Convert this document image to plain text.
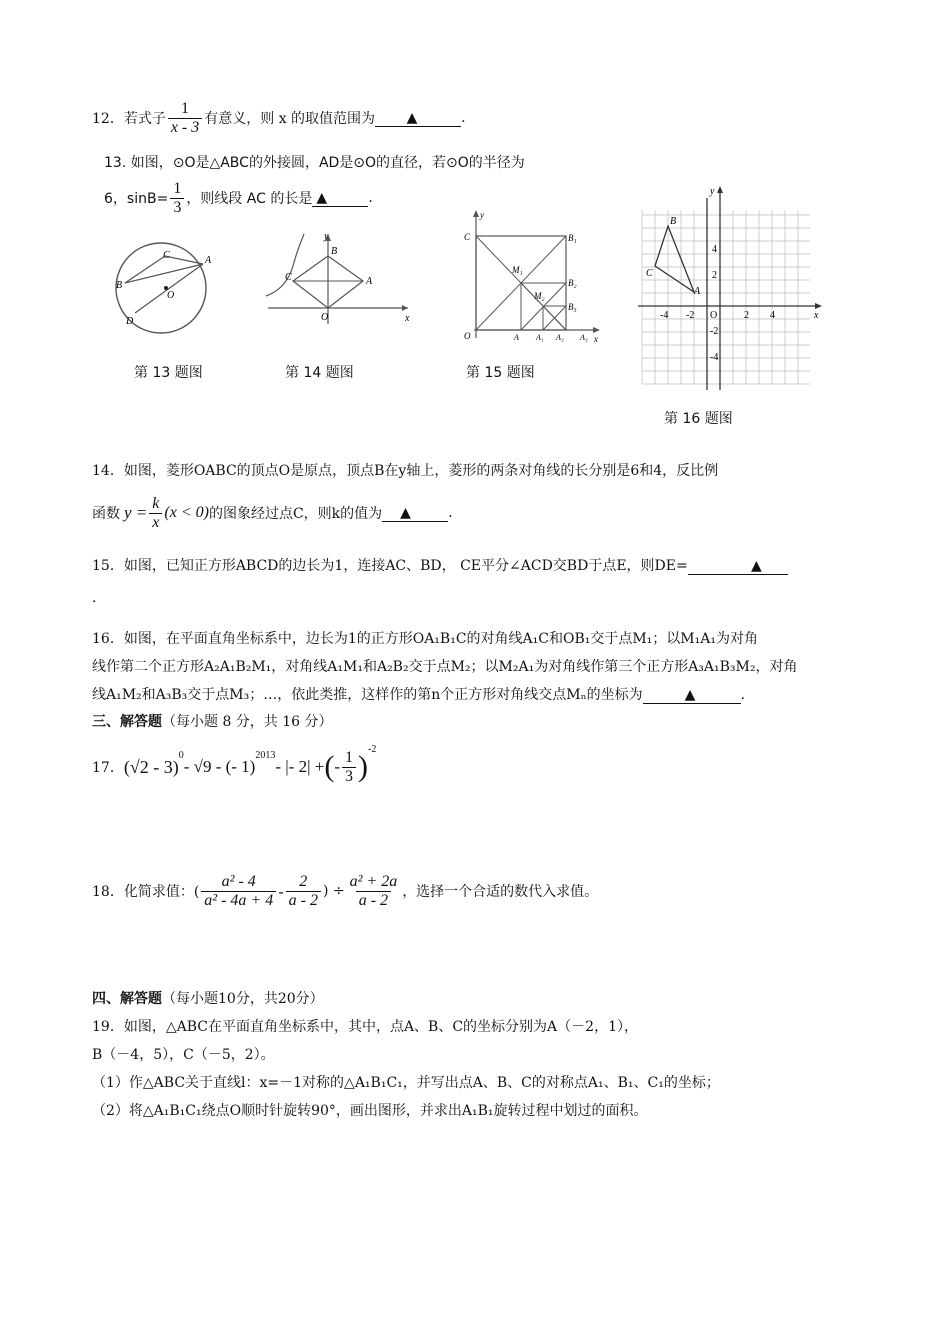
12．若式子 $\frac{1}{x - 3}$ 有意义，则 x 的取值范围为	▲	.
13. 如图，⊙O是△ABC的外接圆，AD是⊙O的直径，若⊙O的半径为
6，$\sin B= \frac{1}{3}$ ，则线段 AC 的长是 ▲	.
C	A
B
O
D
第 13 题图
y
x
B
C	A
O
第 14 题图
y
x
C
O
B₁
B₂
B₃
M₁
M₂
A A₁ A₂ A₃
第 15 题图
x
y
B
C
A
O
-4 -2	2 4
4
2
-2
-4
第 16 题图
14．如图，菱形OABC的顶点O是原点，顶点B在y轴上，菱形的两条对角线的长分别是6和4，反比例
函数 $y = \frac{k}{x} (x < 0)$ 的图象经过点C，则k的值为	▲	.
15．如图，已知正方形ABCD的边长为1，连接AC、BD， CE平分∠ACD交BD于点E，则DE=	▲
.
16．如图，在平面直角坐标系中，边长为1的正方形OA₁B₁C的对角线A₁C和OB₁交于点M₁；以M₁A₁为对角
线作第二个正方形A₂A₁B₂M₁，对角线A₁M₁和A₂B₂交于点M₂；以M₂A₁为对角线作第三个正方形A₃A₁B₃M₂，对角
线A₁M₂和A₃B₃交于点M₃；…，依此类推，这样作的第n个正方形对角线交点Mₙ的坐标为	▲	.
三、解答题（每小题 8 分，共 16 分）
17． (√2 - 3)
$^0$
- √9 - (- 1)
$^{2013}$
- |- 2| + ( - $\frac{1}{3}$ )
$^{-2}$
18．化简求值：( $\frac{\text{a² - 4}}{\text{a² - 4a + 4}} - \frac{2}{a - 2}$ ) ÷ $\frac{\text{a² + 2a}}{a - 2}$ ，选择一个合适的数代入求值。
四、解答题（每小题10分，共20分）
19．如图，△ABC在平面直角坐标系中，其中，点A、B、C的坐标分别为A（－2，1），
B（－4，5），C（－5，2）。
（1）作△ABC关于直线l：x=－1对称的△A₁B₁C₁，并写出点A、B、C的对称点A₁、B₁、C₁的坐标；
（2）将△A₁B₁C₁绕点O顺时针旋转90°，画出图形，并求出A₁B₁旋转过程中划过的面积。
